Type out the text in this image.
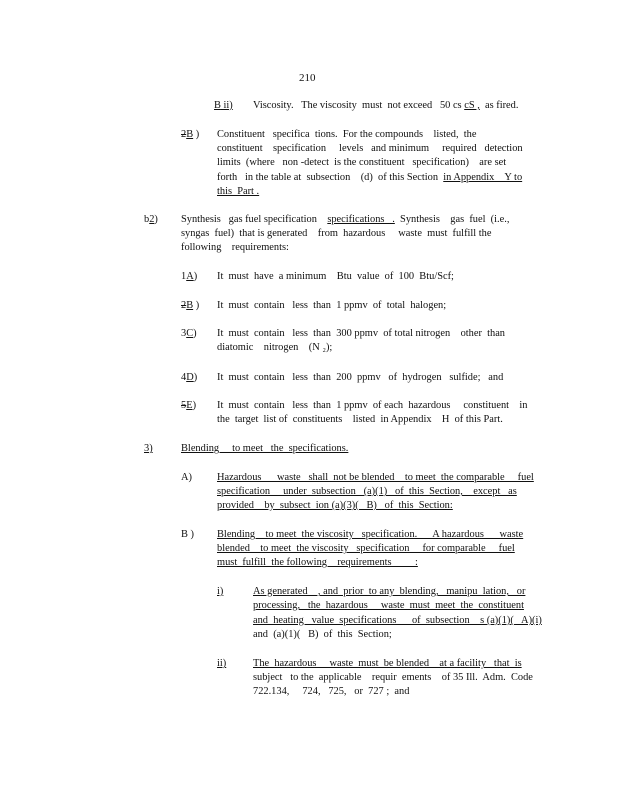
210
B ii) Viscosity.   The viscosity  must  not exceed   50 cs cS ,  as fired.
2B ) Constituent   specifica  tions.  For the compounds    listed,  the
constituent    specification     levels   and minimum     required   detection
limits  (where   non -detect  is the constituent   specification)    are set
forth   in the table at  subsection    (d)  of this Section  in Appendix    Y to
this  Part .
b2) Synthesis   gas fuel specification    specifications   .  Synthesis    gas  fuel  (i.e.,
syngas  fuel)  that is generated    from  hazardous     waste  must  fulfill the
following    requirements:
1A) It  must  have  a minimum    Btu  value  of  100  Btu/Scf;
2B ) It  must  contain   less  than  1 ppmv  of  total  halogen;
3C) It  must  contain   less  than  300 ppmv  of total nitrogen    other  than
diatomic    nitrogen    (N ₂);
4D) It  must  contain   less  than  200  ppmv   of  hydrogen   sulfide;   and
5E) It  must  contain   less  than  1 ppmv  of each  hazardous     constituent    in
the  target  list of  constituents    listed  in Appendix    H  of this Part.
3)	Blending     to meet   the  specifications.
A) Hazardous      waste   shall  not be blended    to meet  the comparable     fuel
specification     under  subsection   (a)(1)   of  this  Section,    except   as
provided    by  subsect  ion (a)(3)(   B)   of  this  Section:
B ) Blending    to meet  the viscosity   specification.      A hazardous      waste
blended    to meet  the viscosity   specification     for comparable     fuel
must  fulfill  the following    requirements         :
i)	As generated    , and  prior  to any  blending,   manipu  lation,   or
processing,   the  hazardous     waste  must  meet  the  constituent
and  heating   value  specifications      of  subsection    s (a)(1)(   A)(i)
and  (a)(1)(   B)  of  this  Section;
ii)	The  hazardous     waste  must  be blended    at a facility   that  is
subject   to the  applicable    requir  ements    of 35 Ill.  Adm.  Code
722.134,     724,   725,   or  727 ;  and
